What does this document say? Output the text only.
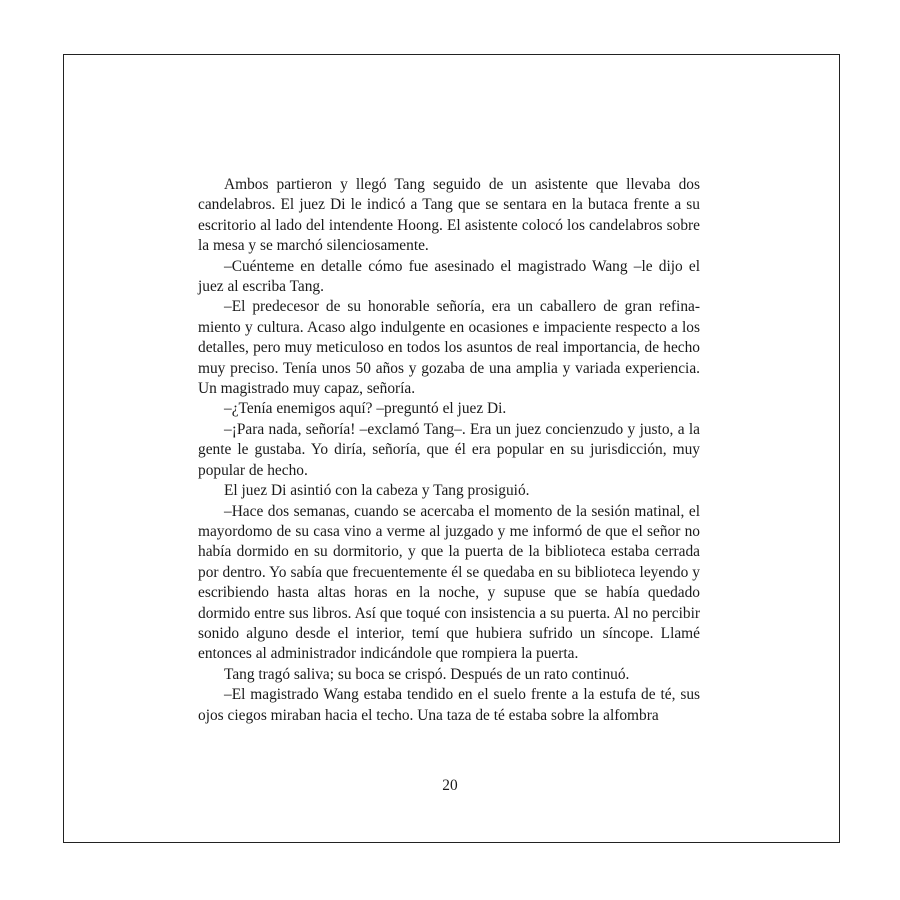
Ambos partieron y llegó Tang seguido de un asistente que llevaba dos candelabros. El juez Di le indicó a Tang que se sentara en la butaca frente a su escritorio al lado del intendente Hoong. El asistente colocó los candelabros sobre la mesa y se marchó silenciosamente.

–Cuénteme en detalle cómo fue asesinado el magistrado Wang –le dijo el juez al escriba Tang.

–El predecesor de su honorable señoría, era un caballero de gran refinamiento y cultura. Acaso algo indulgente en ocasiones e impaciente respecto a los detalles, pero muy meticuloso en todos los asuntos de real importancia, de hecho muy preciso. Tenía unos 50 años y gozaba de una amplia y variada experiencia. Un magistrado muy capaz, señoría.

–¿Tenía enemigos aquí? –preguntó el juez Di.

–¡Para nada, señoría! –exclamó Tang–. Era un juez concienzudo y justo, a la gente le gustaba. Yo diría, señoría, que él era popular en su jurisdicción, muy popular de hecho.

El juez Di asintió con la cabeza y Tang prosiguió.

–Hace dos semanas, cuando se acercaba el momento de la sesión matinal, el mayordomo de su casa vino a verme al juzgado y me informó de que el señor no había dormido en su dormitorio, y que la puerta de la biblioteca estaba cerrada por dentro. Yo sabía que frecuentemente él se quedaba en su biblioteca leyendo y escribiendo hasta altas horas en la noche, y supuse que se había quedado dormido entre sus libros. Así que toqué con insistencia a su puerta. Al no percibir sonido alguno desde el interior, temí que hubiera sufrido un síncope. Llamé entonces al administrador indicándole que rompiera la puerta.

Tang tragó saliva; su boca se crispó. Después de un rato continuó.

–El magistrado Wang estaba tendido en el suelo frente a la estufa de té, sus ojos ciegos miraban hacia el techo. Una taza de té estaba sobre la alfombra

20
